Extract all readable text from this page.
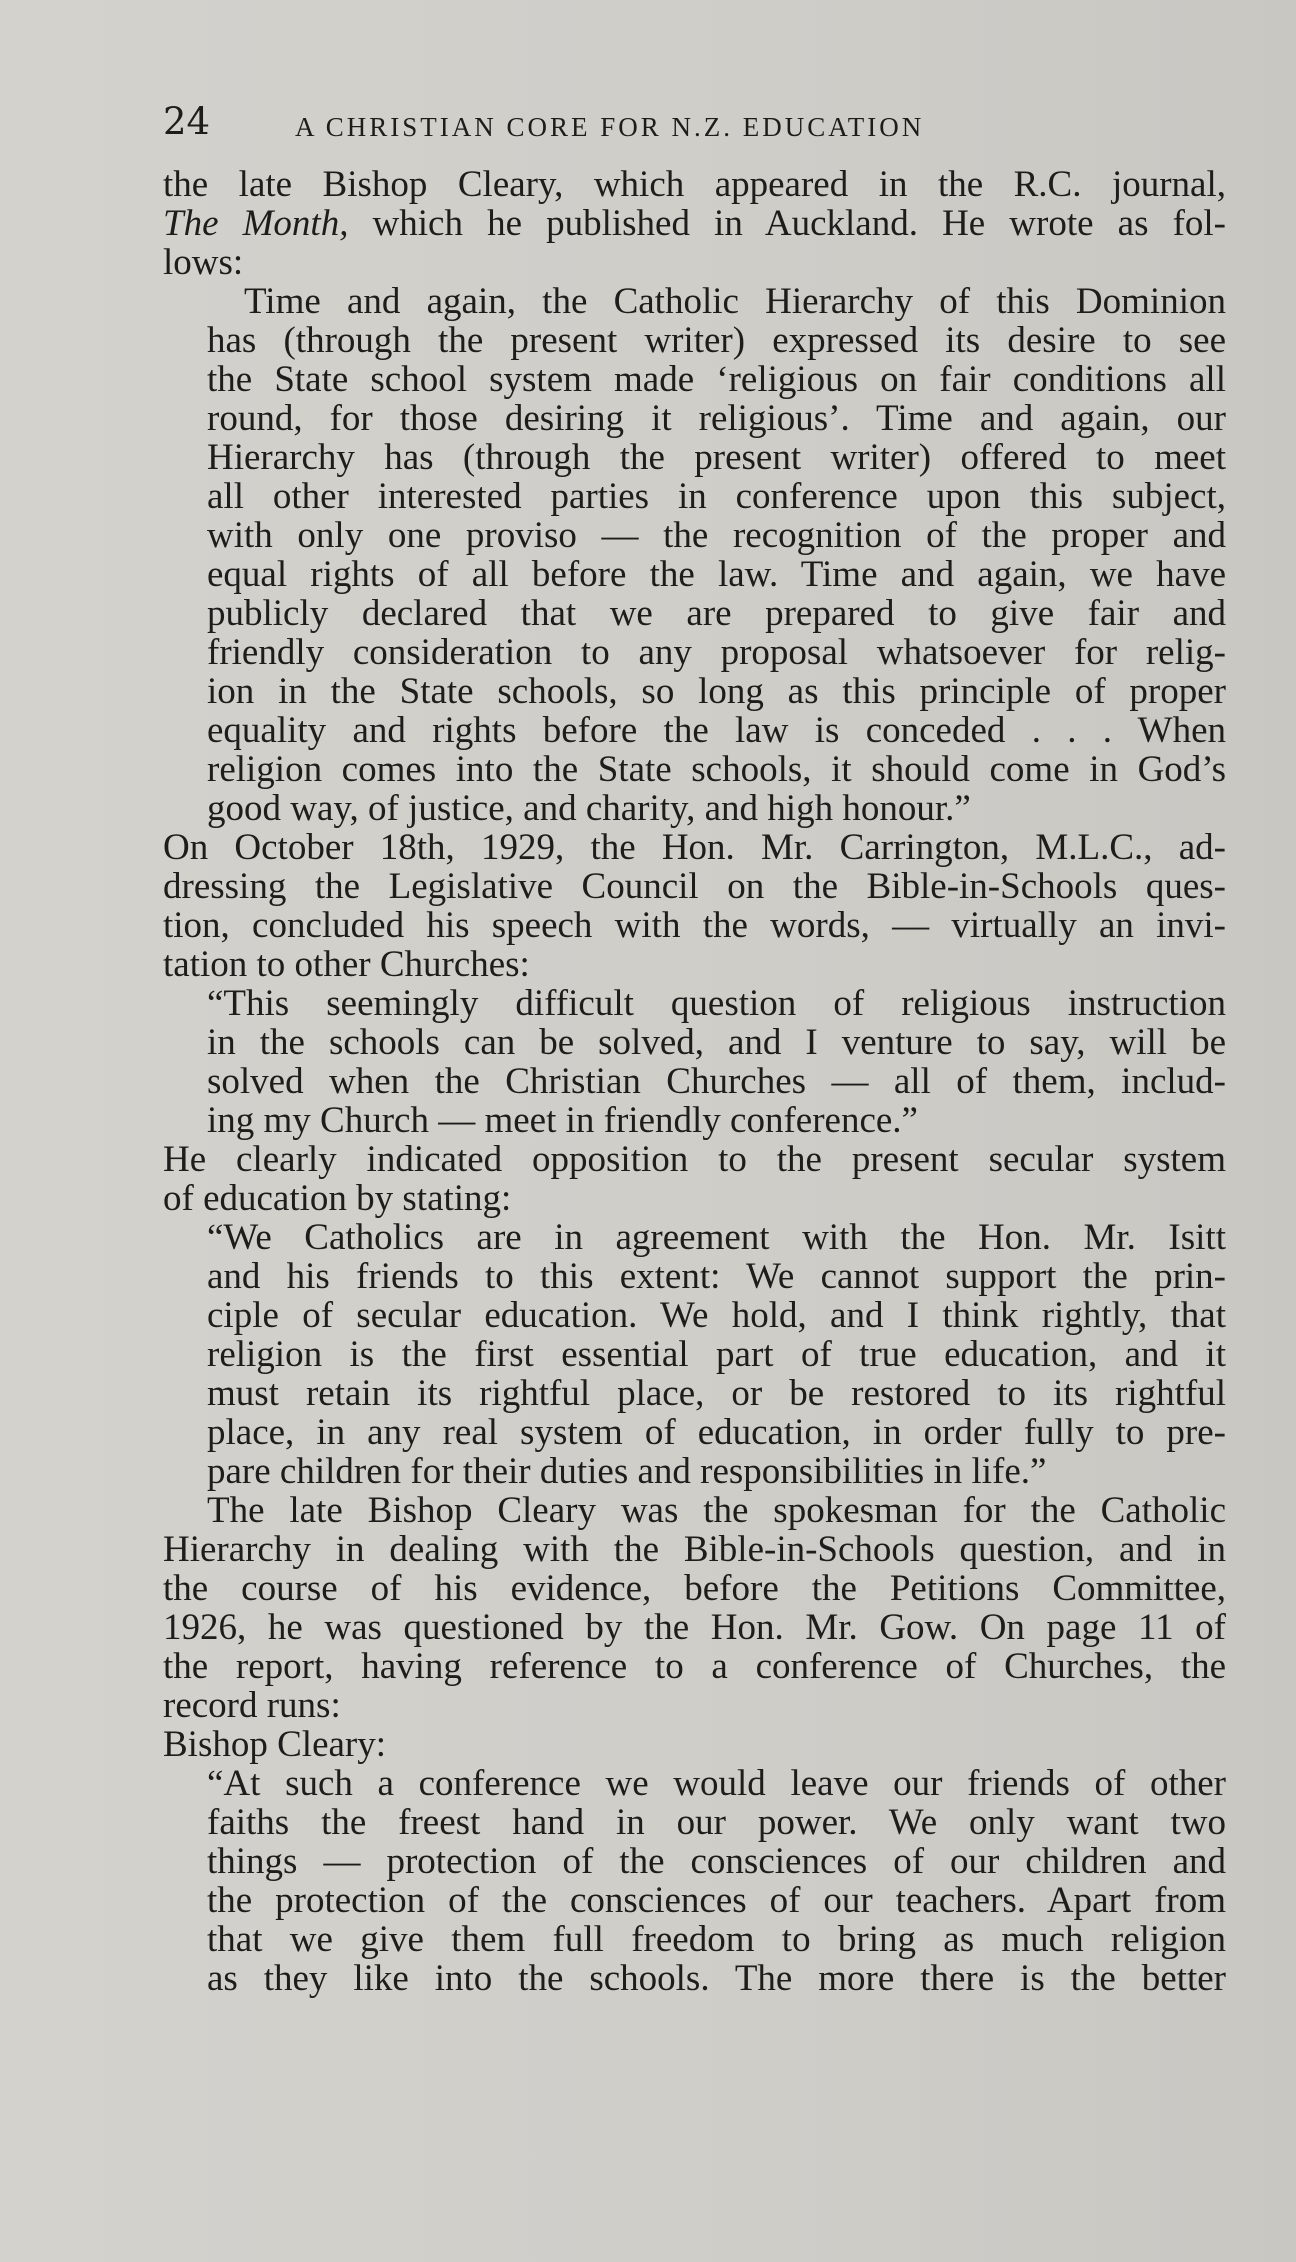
24	A CHRISTIAN CORE FOR N.Z. EDUCATION
the late Bishop Cleary, which appeared in the R.C. journal,
The Month, which he published in Auckland. He wrote as fol-
lows:
Time and again, the Catholic Hierarchy of this Dominion
has (through the present writer) expressed its desire to see
the State school system made ‘religious on fair conditions all
round, for those desiring it religious’. Time and again, our
Hierarchy has (through the present writer) offered to meet
all other interested parties in conference upon this subject,
with only one proviso — the recognition of the proper and
equal rights of all before the law. Time and again, we have
publicly declared that we are prepared to give fair and
friendly consideration to any proposal whatsoever for relig-
ion in the State schools, so long as this principle of proper
equality and rights before the law is conceded . . . When
religion comes into the State schools, it should come in God’s
good way, of justice, and charity, and high honour.”
On October 18th, 1929, the Hon. Mr. Carrington, M.L.C., ad-
dressing the Legislative Council on the Bible-in-Schools ques-
tion, concluded his speech with the words, — virtually an invi-
tation to other Churches:
“This seemingly difficult question of religious instruction
in the schools can be solved, and I venture to say, will be
solved when the Christian Churches — all of them, includ-
ing my Church — meet in friendly conference.”
He clearly indicated opposition to the present secular system
of education by stating:
“We Catholics are in agreement with the Hon. Mr. Isitt
and his friends to this extent: We cannot support the prin-
ciple of secular education. We hold, and I think rightly, that
religion is the first essential part of true education, and it
must retain its rightful place, or be restored to its rightful
place, in any real system of education, in order fully to pre-
pare children for their duties and responsibilities in life.”
The late Bishop Cleary was the spokesman for the Catholic
Hierarchy in dealing with the Bible-in-Schools question, and in
the course of his evidence, before the Petitions Committee,
1926, he was questioned by the Hon. Mr. Gow. On page 11 of
the report, having reference to a conference of Churches, the
record runs:
Bishop Cleary:
“At such a conference we would leave our friends of other
faiths the freest hand in our power. We only want two
things — protection of the consciences of our children and
the protection of the consciences of our teachers. Apart from
that we give them full freedom to bring as much religion
as they like into the schools. The more there is the better
